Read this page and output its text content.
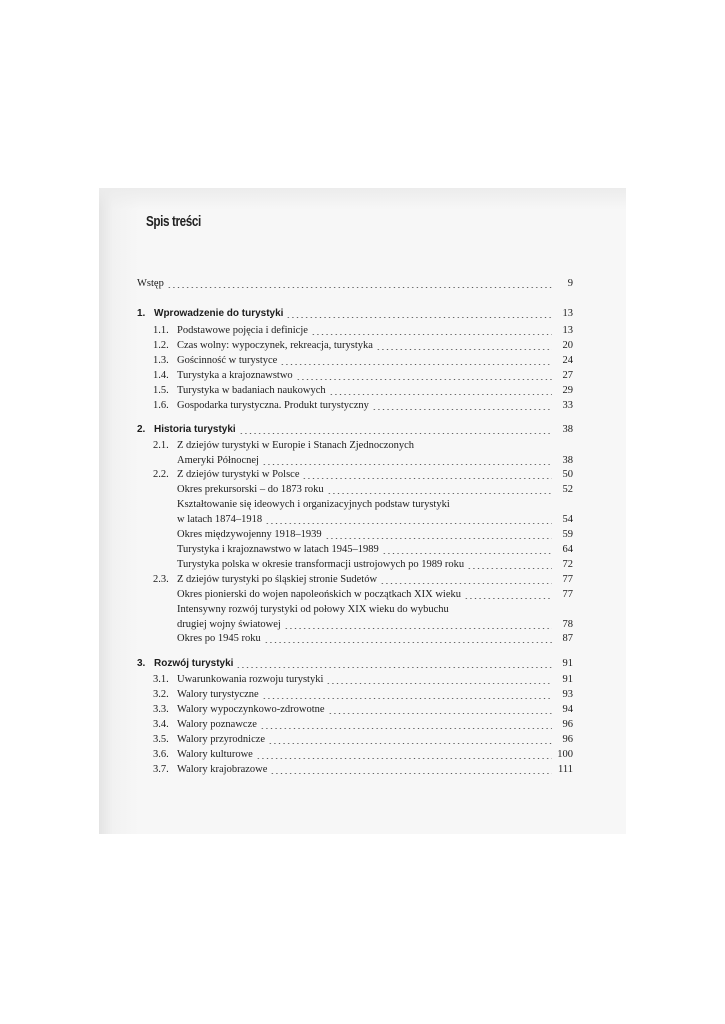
Spis treści
Wstęp	9
1. Wprowadzenie do turystyki	13
1.1. Podstawowe pojęcia i definicje	13
1.2. Czas wolny: wypoczynek, rekreacja, turystyka	20
1.3. Gościnność w turystyce	24
1.4. Turystyka a krajoznawstwo	27
1.5. Turystyka w badaniach naukowych	29
1.6. Gospodarka turystyczna. Produkt turystyczny	33
2. Historia turystyki	38
2.1. Z dziejów turystyki w Europie i Stanach Zjednoczonych
Ameryki Północnej	38
2.2. Z dziejów turystyki w Polsce	50
Okres prekursorski – do 1873 roku	52
Kształtowanie się ideowych i organizacyjnych podstaw turystyki
w latach 1874–1918	54
Okres międzywojenny 1918–1939	59
Turystyka i krajoznawstwo w latach 1945–1989	64
Turystyka polska w okresie transformacji ustrojowych po 1989 roku	72
2.3. Z dziejów turystyki po śląskiej stronie Sudetów	77
Okres pionierski do wojen napoleońskich w początkach XIX wieku	77
Intensywny rozwój turystyki od połowy XIX wieku do wybuchu
drugiej wojny światowej	78
Okres po 1945 roku	87
3. Rozwój turystyki	91
3.1. Uwarunkowania rozwoju turystyki	91
3.2. Walory turystyczne	93
3.3. Walory wypoczynkowo-zdrowotne	94
3.4. Walory poznawcze	96
3.5. Walory przyrodnicze	96
3.6. Walory kulturowe	100
3.7. Walory krajobrazowe	111
